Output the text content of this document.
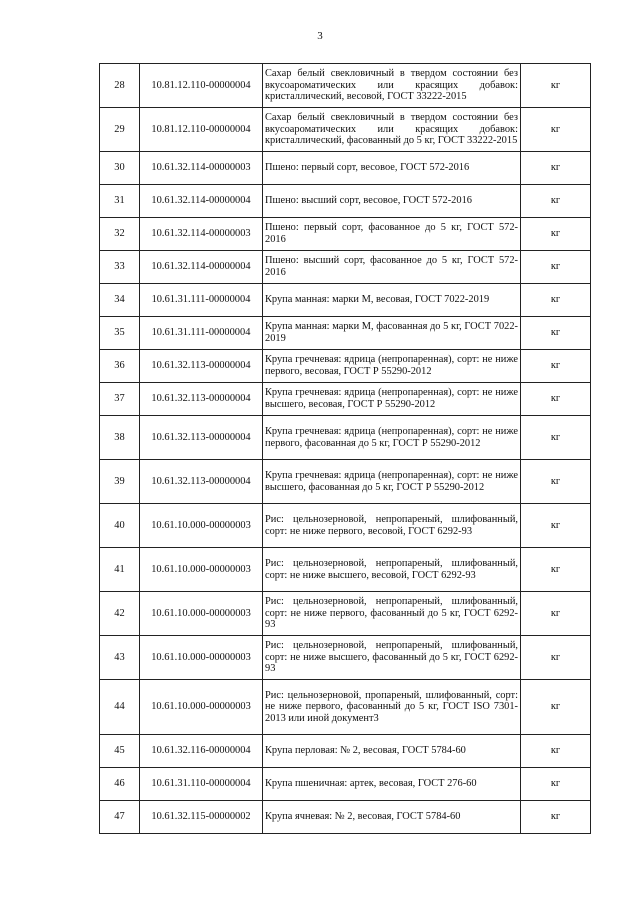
3
28	10.81.12.110-00000004	Сахар белый свекловичный в твердом состоянии без вкусоароматических или красящих добавок: кристаллический, весовой, ГОСТ 33222-2015	кг
29	10.81.12.110-00000004	Сахар белый свекловичный в твердом состоянии без вкусоароматических или красящих добавок: кристаллический, фасованный до 5 кг, ГОСТ 33222-2015	кг
30	10.61.32.114-00000003	Пшено: первый сорт, весовое, ГОСТ 572-2016	кг
31	10.61.32.114-00000004	Пшено: высший сорт, весовое, ГОСТ 572-2016	кг
32	10.61.32.114-00000003	Пшено: первый сорт, фасованное до 5 кг, ГОСТ 572-2016	кг
33	10.61.32.114-00000004	Пшено: высший сорт, фасованное до 5 кг, ГОСТ 572-2016	кг
34	10.61.31.111-00000004	Крупа манная: марки М, весовая, ГОСТ 7022-2019	кг
35	10.61.31.111-00000004	Крупа манная: марки М, фасованная до 5 кг, ГОСТ 7022-2019	кг
36	10.61.32.113-00000004	Крупа гречневая: ядрица (непропаренная), сорт: не ниже первого, весовая, ГОСТ Р 55290-2012	кг
37	10.61.32.113-00000004	Крупа гречневая: ядрица (непропаренная), сорт: не ниже высшего, весовая, ГОСТ Р 55290-2012	кг
38	10.61.32.113-00000004	Крупа гречневая: ядрица (непропаренная), сорт: не ниже первого, фасованная до 5 кг, ГОСТ Р 55290-2012	кг
39	10.61.32.113-00000004	Крупа гречневая: ядрица (непропаренная), сорт: не ниже высшего, фасованная до 5 кг, ГОСТ Р 55290-2012	кг
40	10.61.10.000-00000003	Рис: цельнозерновой, непропареный, шлифованный, сорт: не ниже первого, весовой, ГОСТ 6292-93	кг
41	10.61.10.000-00000003	Рис: цельнозерновой, непропареный, шлифованный, сорт: не ниже высшего, весовой, ГОСТ 6292-93	кг
42	10.61.10.000-00000003	Рис: цельнозерновой, непропареный, шлифованный, сорт: не ниже первого, фасованный до 5 кг, ГОСТ 6292-93	кг
43	10.61.10.000-00000003	Рис: цельнозерновой, непропареный, шлифованный, сорт: не ниже высшего, фасованный до 5 кг, ГОСТ 6292-93	кг
44	10.61.10.000-00000003	Рис: цельнозерновой, пропареный, шлифованный, сорт: не ниже первого, фасованный до 5 кг, ГОСТ ISO 7301-2013 или иной документ3	кг
45	10.61.32.116-00000004	Крупа перловая: № 2, весовая, ГОСТ 5784-60	кг
46	10.61.31.110-00000004	Крупа пшеничная: артек, весовая, ГОСТ 276-60	кг
47	10.61.32.115-00000002	Крупа ячневая: № 2, весовая, ГОСТ 5784-60	кг
